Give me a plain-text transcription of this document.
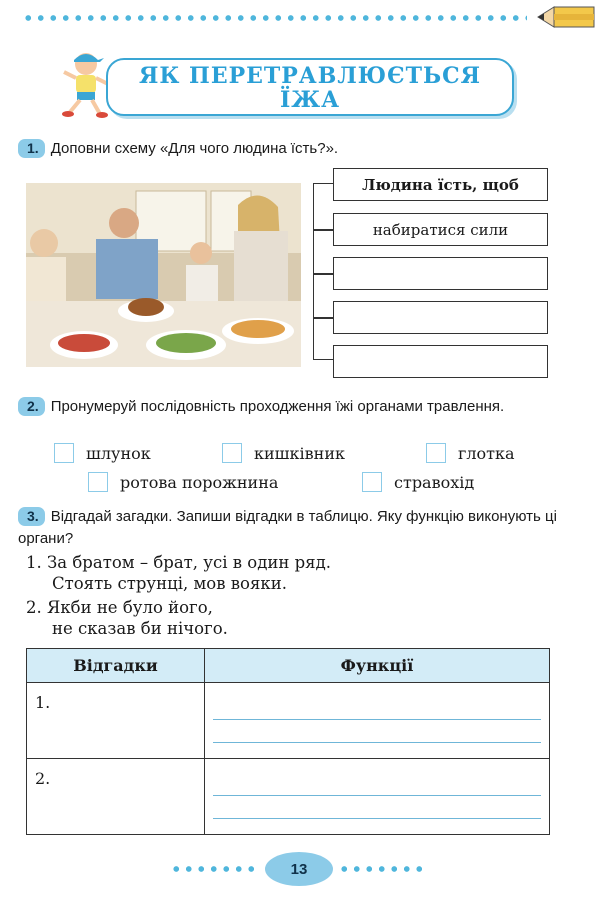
ЯК ПЕРЕТРАВЛЮЄТЬСЯ
ЇЖА
1. Доповни схему «Для чого людина їсть?».
Людина їсть, щоб
набиратися сили
2. Пронумеруй послідовність проходження їжі органами травлення.
шлунок	кишківник	глотка
ротова порожнина	стравохід
3. Відгадай загадки. Запиши відгадки в таблицю. Яку функцію виконують ці органи?
1. За братом – брат, усі в один ряд.
Стоять струнці, мов вояки.
2. Якби не було його,
не сказав би нічого.
Відгадки	Функції
1.	

2.	
13
